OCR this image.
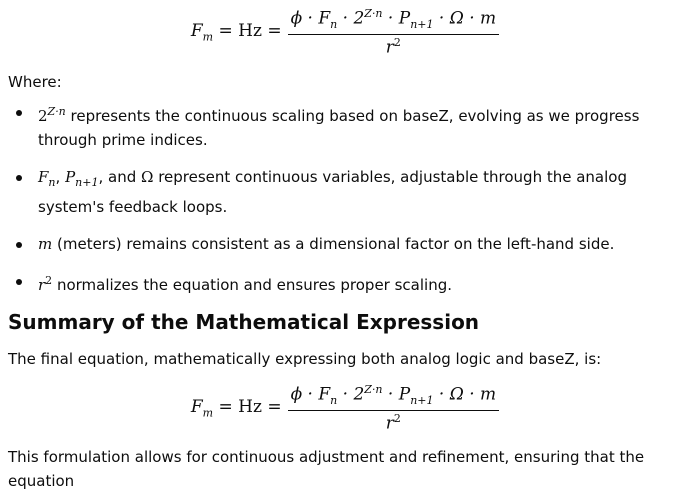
$F_m = Hz = \frac{\phi \cdot F_n \cdot 2^{Z\cdot n} \cdot P_{n+1} \cdot \Omega \cdot m}{r^2}$
Where:
$2^{Z\cdot n}$ represents the continuous scaling based on baseZ, evolving as we progress through prime indices.
$F_n$, $P_{n+1}$, and Ω represent continuous variables, adjustable through the analog system's feedback loops.
m (meters) remains consistent as a dimensional factor on the left-hand side.
$r^2$ normalizes the equation and ensures proper scaling.
Summary of the Mathematical Expression
The final equation, mathematically expressing both analog logic and baseZ, is:
$F_m = Hz = \frac{\phi \cdot F_n \cdot 2^{Z\cdot n} \cdot P_{n+1} \cdot \Omega \cdot m}{r^2}$
This formulation allows for continuous adjustment and refinement, ensuring that the equation
